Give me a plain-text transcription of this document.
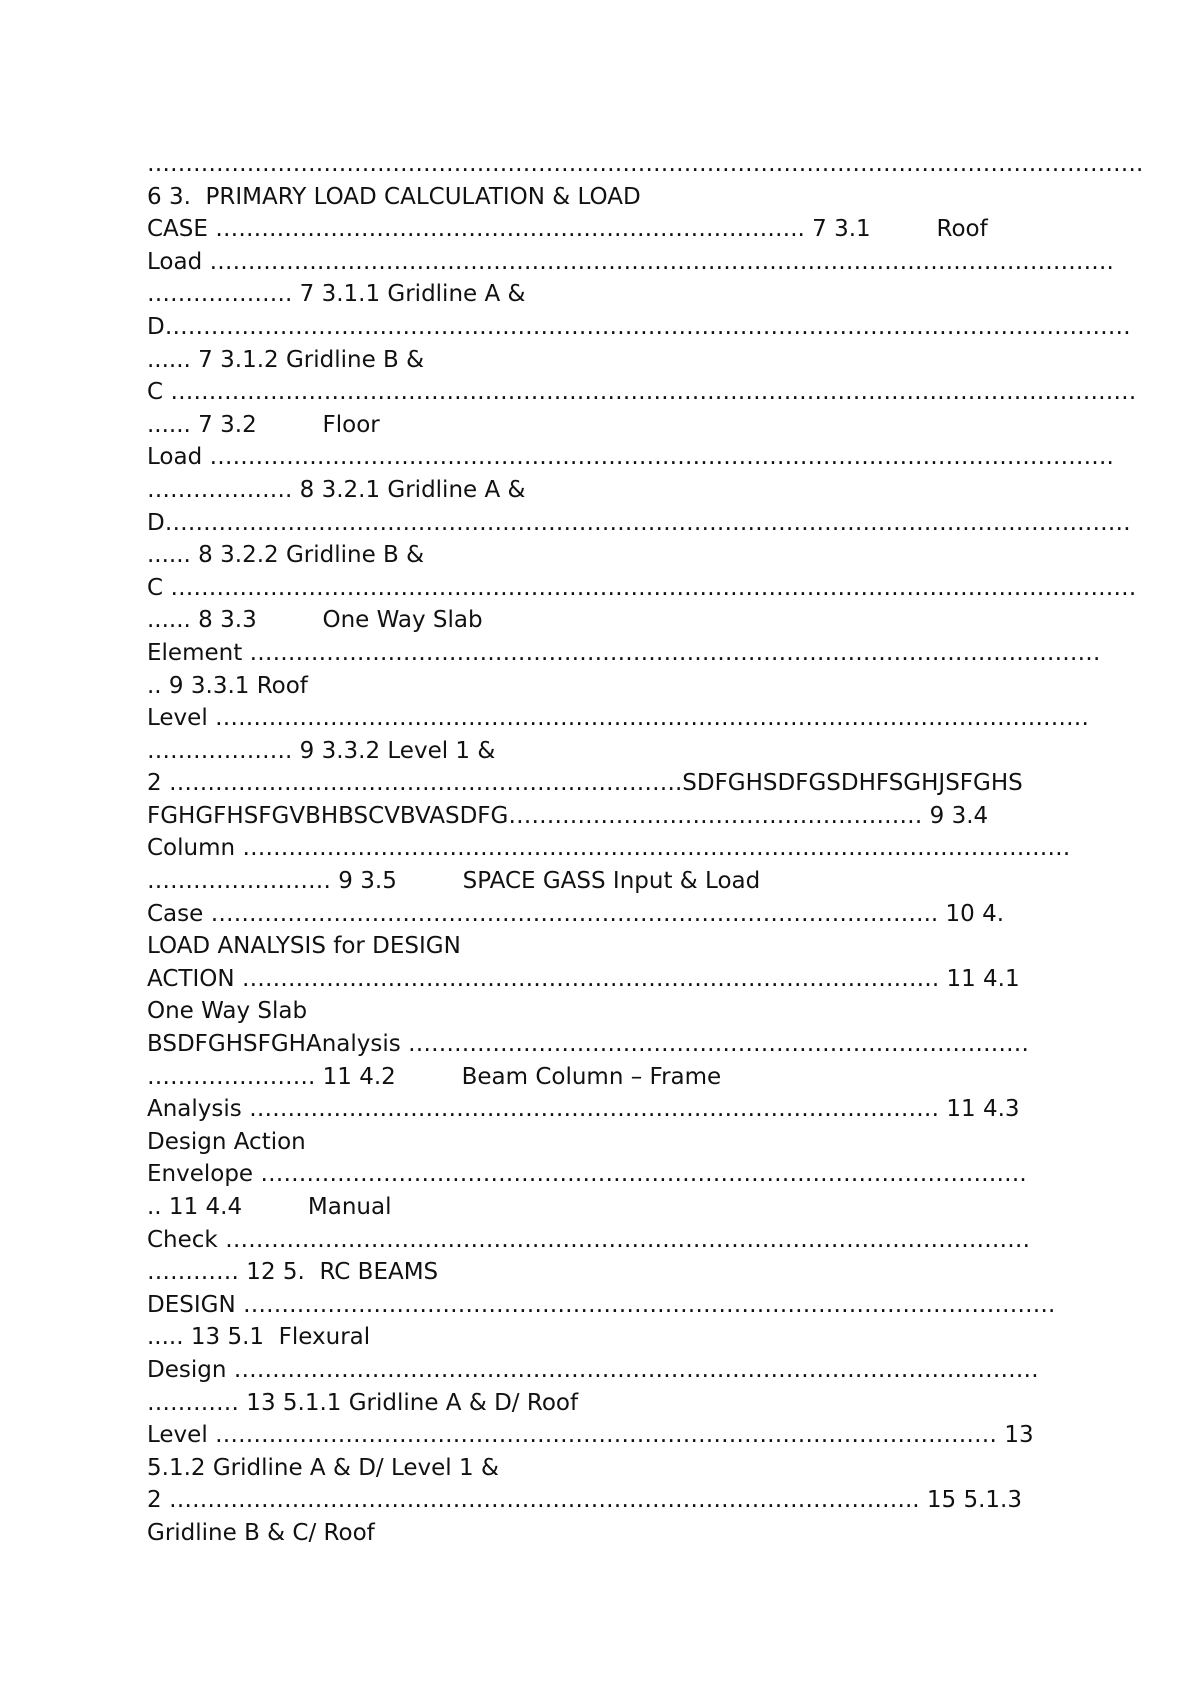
………………………………………………………………………………………………………………….
6 3.  PRIMARY LOAD CALCULATION & LOAD
CASE ………………………………………………………………….. 7 3.1         Roof
Load ……………………………………………………………………………………………………….
………………. 7 3.1.1 Gridline A &
D………………………………………………………………………………………………………………
...... 7 3.1.2 Gridline B &
C ………………………………………………………………………………………………………………
...... 7 3.2         Floor
Load ……………………………………………………………………………………………………….
………………. 8 3.2.1 Gridline A &
D………………………………………………………………………………………………………………
...... 8 3.2.2 Gridline B &
C ………………………………………………………………………………………………………………
...... 8 3.3         One Way Slab
Element …………………………………………………………………………………………………
.. 9 3.3.1 Roof
Level ……………………………………………………………………………………………………
………………. 9 3.3.2 Level 1 &
2 ………………………………………………………….SDFGHSDFGSDHFSGHJSFGHS
FGHGFHSFGVBHBSCVBVASDFG……………………………………………… 9 3.4
Column ………………………………………………………………………………………………
…………………… 9 3.5         SPACE GASS Input & Load
Case ………………………………………………………………………………….. 10 4.
LOAD ANALYSIS for DESIGN
ACTION ………………………………………………………………………………. 11 4.1
One Way Slab
BSDFGHSFGHAnalysis ………………………………………………………………………
…………………. 11 4.2         Beam Column – Frame
Analysis ……………………………………………………………………………… 11 4.3
Design Action
Envelope ……………………………………………………………………………………….
.. 11 4.4         Manual
Check ……………………………………………………………………………………………
………… 12 5.  RC BEAMS
DESIGN …………………………………………………………………………………………….
..... 13 5.1  Flexural
Design ……………………………………………………………………………………………
………… 13 5.1.1 Gridline A & D/ Roof
Level ………………………………………………………………………………………… 13
5.1.2 Gridline A & D/ Level 1 &
2 …………………………………………………………………………………….. 15 5.1.3
Gridline B & C/ Roof
